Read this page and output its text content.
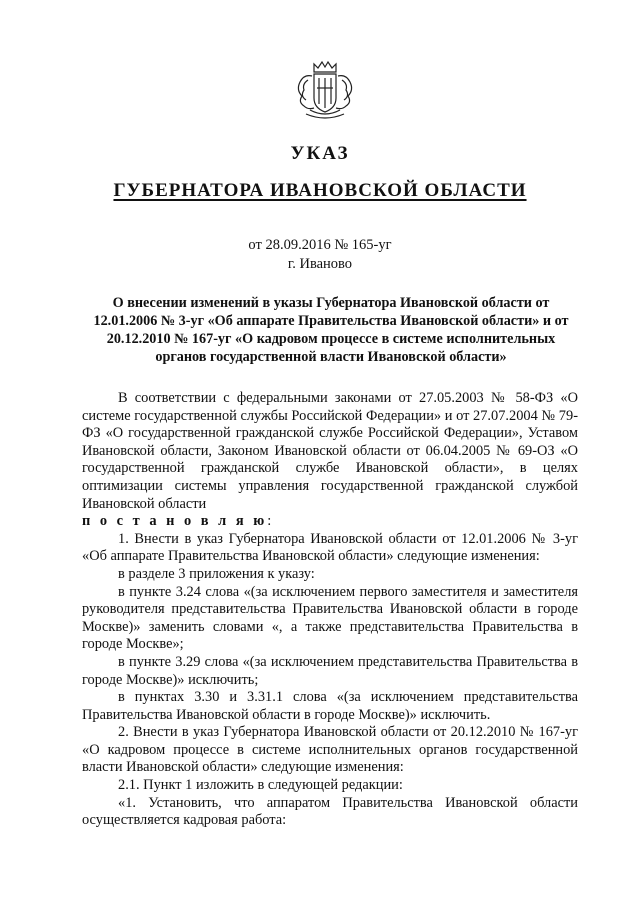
УКАЗ
ГУБЕРНАТОРА ИВАНОВСКОЙ ОБЛАСТИ
от 28.09.2016 № 165-уг
г. Иваново
О внесении изменений в указы Губернатора Ивановской области от 12.01.2006 № 3-уг «Об аппарате Правительства Ивановской области» и от 20.12.2010 № 167-уг «О кадровом процессе в системе исполнительных органов государственной власти Ивановской области»

В соответствии с федеральными законами от 27.05.2003 № 58-ФЗ «О системе государственной службы Российской Федерации» и от 27.07.2004 № 79-ФЗ «О государственной гражданской службе Российской Федерации», Уставом Ивановской области, Законом Ивановской области от 06.04.2005 № 69-ОЗ «О государственной гражданской службе Ивановской области», в целях оптимизации системы управления государственной гражданской службой Ивановской области

п о с т а н о в л я ю:

1. Внести в указ Губернатора Ивановской области от 12.01.2006 № 3-уг «Об аппарате Правительства Ивановской области» следующие изменения:

в разделе 3 приложения к указу:

в пункте 3.24 слова «(за исключением первого заместителя и заместителя руководителя представительства Правительства Ивановской области в городе Москве)» заменить словами «, а также представительства Правительства в городе Москве»;

в пункте 3.29 слова «(за исключением представительства Правительства в городе Москве)» исключить;

в пунктах 3.30 и 3.31.1 слова «(за исключением представительства Правительства Ивановской области в городе Москве)» исключить.

2. Внести в указ Губернатора Ивановской области от 20.12.2010 № 167-уг «О кадровом процессе в системе исполнительных органов государственной власти Ивановской области» следующие изменения:

2.1. Пункт 1 изложить в следующей редакции:

«1. Установить, что аппаратом Правительства Ивановской области осуществляется кадровая работа:
